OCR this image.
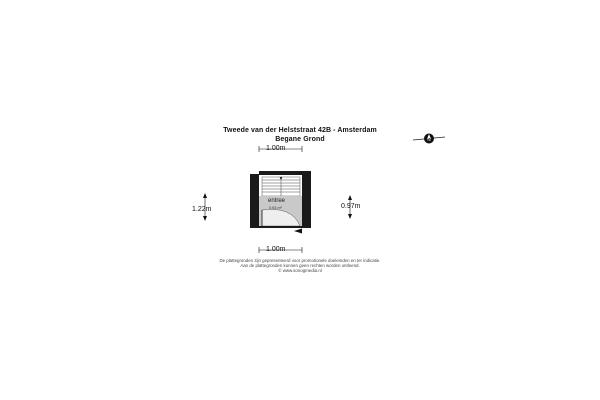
Tweede van der Helststraat 42B - Amsterdam
Begane Grond	N
1.00m
1.00m
1.22m	0.97m
entree
0.93 m²
De plattegronden zijn gepresenteerd voor promotionele doeleinden en ter indicatie.
Aan de plattegronden kunnen geen rechten worden ontleend.
© www.sonogmedia.nl
